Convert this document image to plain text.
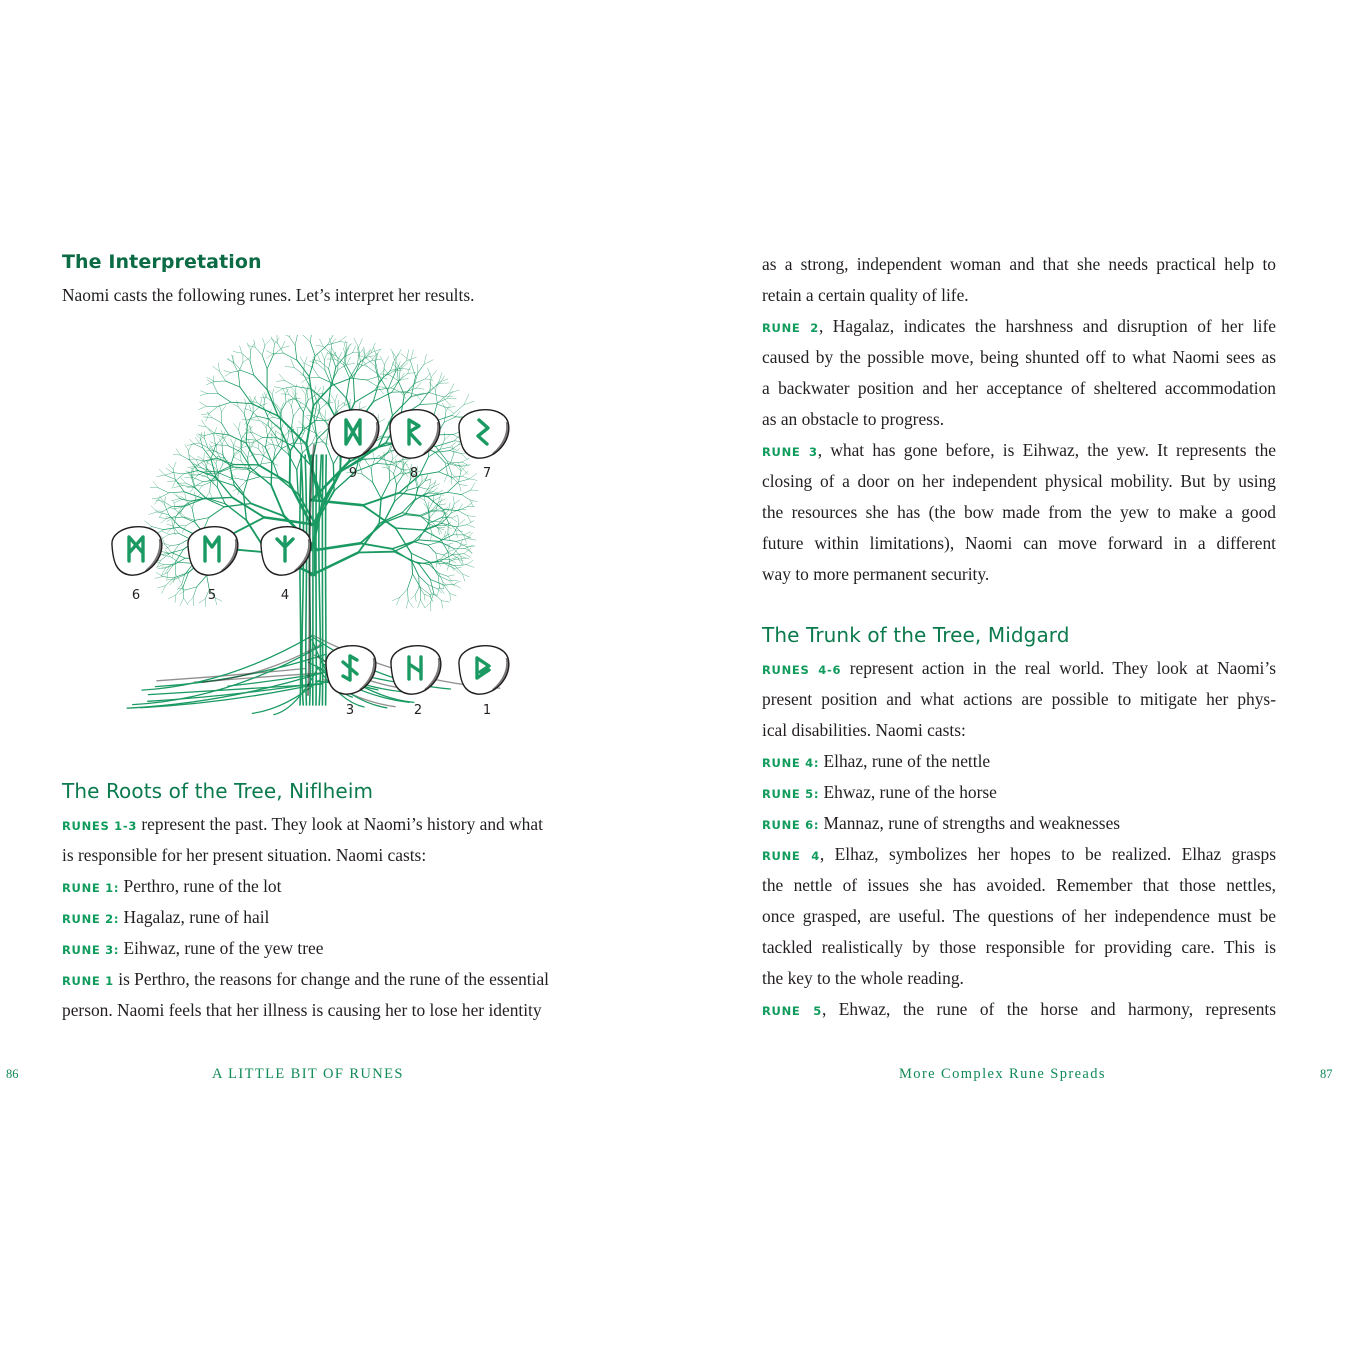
The Interpretation

Naomi casts the following runes. Let’s interpret her results.

1
2
3
4
5
6
7
8
9
The Roots of the Tree, Niflheim

RUNES 1-3 represent the past. They look at Naomi’s history and what

is responsible for her present situation. Naomi casts:

RUNE 1: Perthro, rune of the lot

RUNE 2: Hagalaz, rune of hail

RUNE 3: Eihwaz, rune of the yew tree

RUNE 1 is Perthro, the reasons for change and the rune of the essential

person. Naomi feels that her illness is causing her to lose her identity

86	A LITTLE BIT OF RUNES

as a strong, independent woman and that she needs practical help to

retain a certain quality of life.

RUNE 2, Hagalaz, indicates the harshness and disruption of her life

caused by the possible move, being shunted off to what Naomi sees as

a backwater position and her acceptance of sheltered accommodation

as an obstacle to progress.

RUNE 3, what has gone before, is Eihwaz, the yew. It represents the

closing of a door on her independent physical mobility. But by using

the resources she has (the bow made from the yew to make a good

future within limitations), Naomi can move forward in a different

way to more permanent security.

The Trunk of the Tree, Midgard

RUNES 4-6 represent action in the real world. They look at Naomi’s

present position and what actions are possible to mitigate her phys-

ical disabilities. Naomi casts:

RUNE 4: Elhaz, rune of the nettle

RUNE 5: Ehwaz, rune of the horse

RUNE 6: Mannaz, rune of strengths and weaknesses

RUNE 4, Elhaz, symbolizes her hopes to be realized. Elhaz grasps

the nettle of issues she has avoided. Remember that those nettles,

once grasped, are useful. The questions of her independence must be

tackled realistically by those responsible for providing care. This is

the key to the whole reading.

RUNE 5, Ehwaz, the rune of the horse and harmony, represents

More Complex Rune Spreads	87
